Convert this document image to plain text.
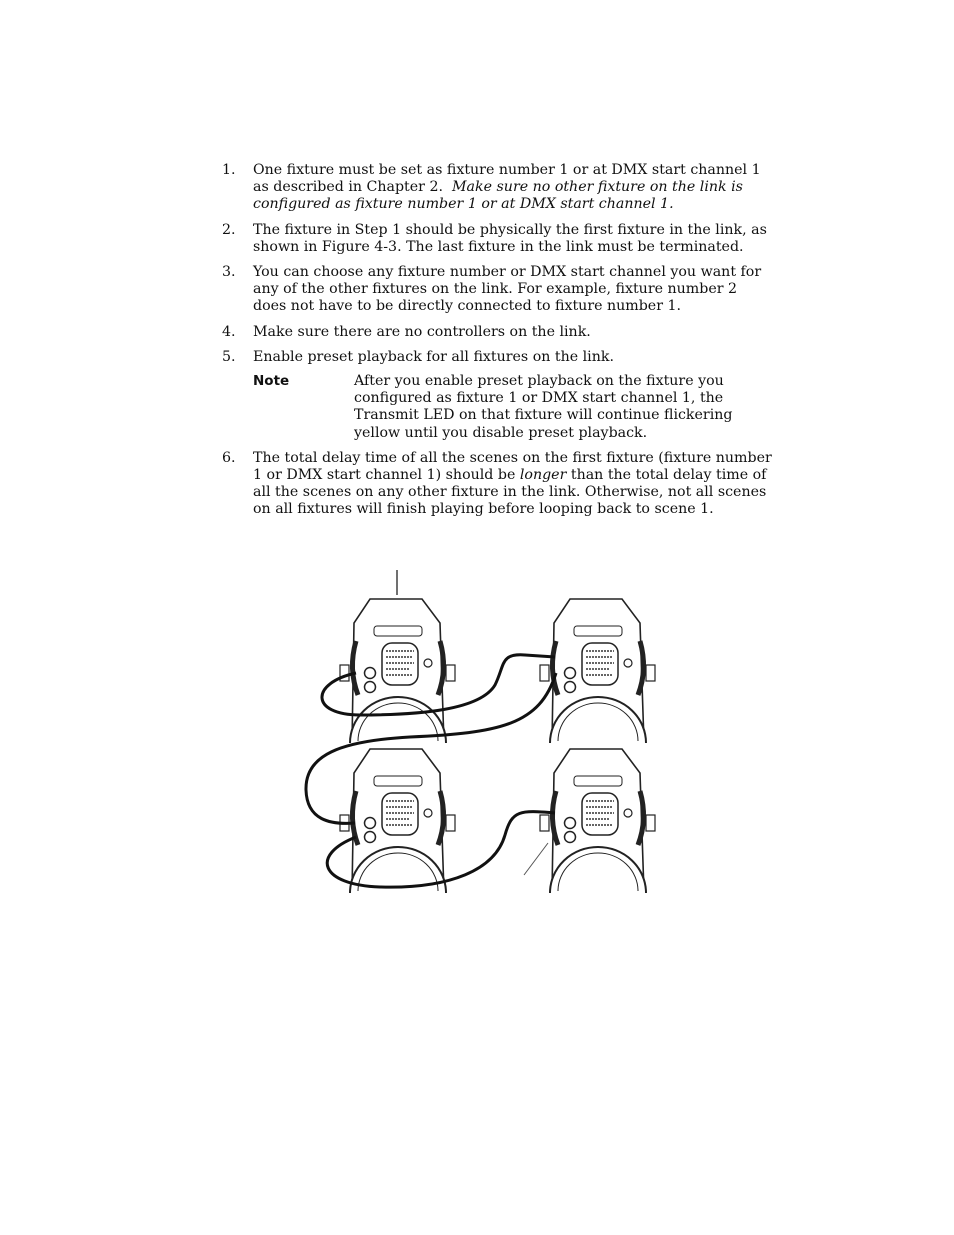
1. One fixture must be set as fixture number 1 or at DMX start channel 1 as described in Chapter 2. Make sure no other fixture on the link is configured as fixture number 1 or at DMX start channel 1.
2. The fixture in Step 1 should be physically the first fixture in the link, as shown in Figure 4-3. The last fixture in the link must be terminated.
3. You can choose any fixture number or DMX start channel you want for any of the other fixtures on the link. For example, fixture number 2 does not have to be directly connected to fixture number 1.
4. Make sure there are no controllers on the link.
5. Enable preset playback for all fixtures on the link.
Note	After you enable preset playback on the fixture you configured as fixture 1 or DMX start channel 1, the Transmit LED on that fixture will continue flickering yellow until you disable preset playback.
6. The total delay time of all the scenes on the first fixture (fixture number 1 or DMX start channel 1) should be longer than the total delay time of all the scenes on any other fixture in the link. Otherwise, not all scenes on all fixtures will finish playing before looping back to scene 1.
